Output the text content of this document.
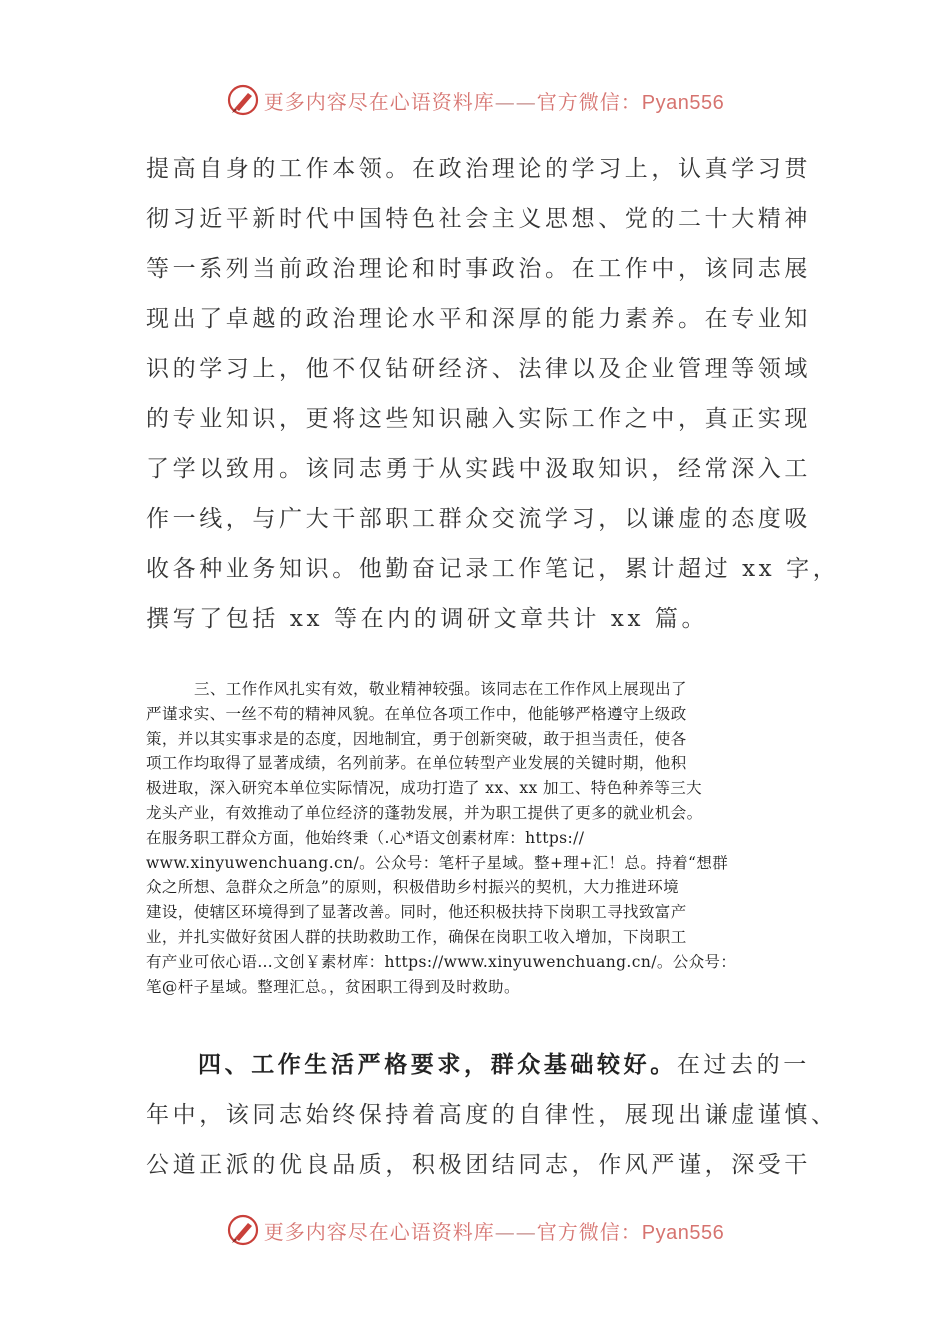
更多内容尽在心语资料库——官方微信：Pyan556
提高自身的工作本领。在政治理论的学习上，认真学习贯
彻习近平新时代中国特色社会主义思想、党的二十大精神
等一系列当前政治理论和时事政治。在工作中，该同志展
现出了卓越的政治理论水平和深厚的能力素养。在专业知
识的学习上，他不仅钻研经济、法律以及企业管理等领域
的专业知识，更将这些知识融入实际工作之中，真正实现
了学以致用。该同志勇于从实践中汲取知识，经常深入工
作一线，与广大干部职工群众交流学习，以谦虚的态度吸
收各种业务知识。他勤奋记录工作笔记，累计超过 xx 字，
撰写了包括 xx 等在内的调研文章共计 xx 篇。
三、工作作风扎实有效，敬业精神较强。该同志在工作作风上展现出了
严谨求实、一丝不苟的精神风貌。在单位各项工作中，他能够严格遵守上级政
策，并以其实事求是的态度，因地制宜，勇于创新突破，敢于担当责任，使各
项工作均取得了显著成绩，名列前茅。在单位转型产业发展的关键时期，他积
极进取，深入研究本单位实际情况，成功打造了 xx、xx 加工、特色种养等三大
龙头产业，有效推动了单位经济的蓬勃发展，并为职工提供了更多的就业机会。
在服务职工群众方面，他始终秉（.心*语文创素材库：https://
www.xinyuwenchuang.cn/。公众号：笔杆子星域。整+理+汇！总。持着“想群
众之所想、急群众之所急”的原则，积极借助乡村振兴的契机，大力推进环境
建设，使辖区环境得到了显著改善。同时，他还积极扶持下岗职工寻找致富产
业，并扎实做好贫困人群的扶助救助工作，确保在岗职工收入增加，下岗职工
有产业可依心语…文创￥素材库：https://www.xinyuwenchuang.cn/。公众号：
笔@杆子星域。整理汇总。，贫困职工得到及时救助。
四、工作生活严格要求，群众基础较好。在过去的一
年中，该同志始终保持着高度的自律性，展现出谦虚谨慎、
公道正派的优良品质，积极团结同志，作风严谨，深受干
更多内容尽在心语资料库——官方微信：Pyan556
